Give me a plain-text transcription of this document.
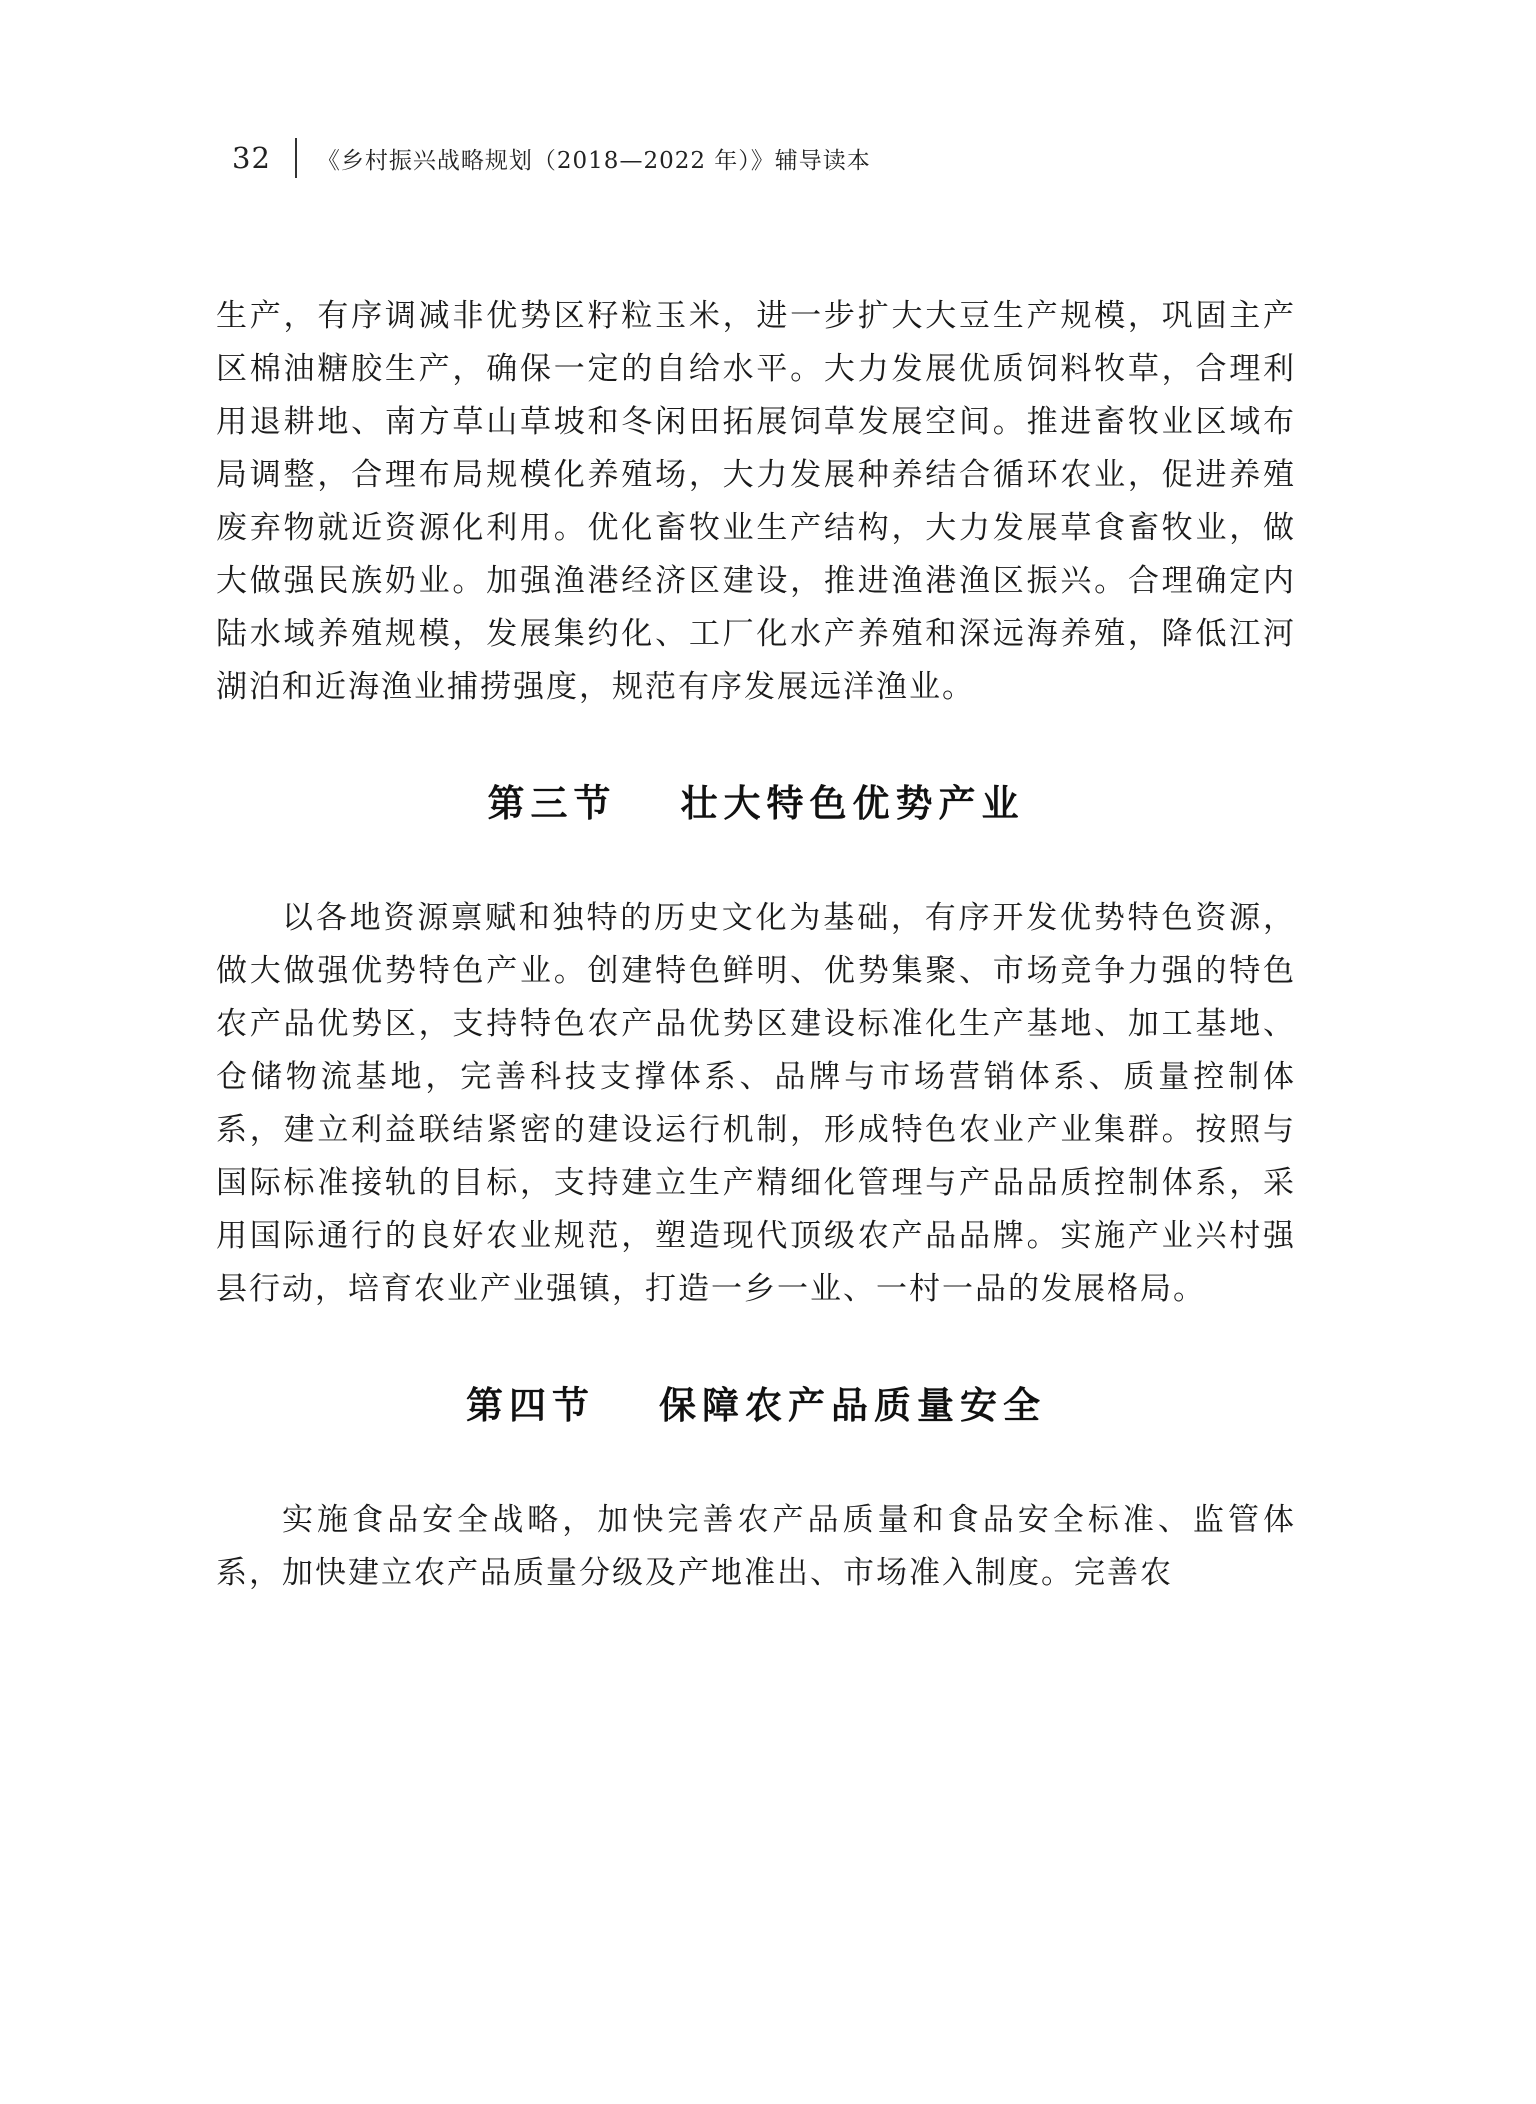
32 《乡村振兴战略规划（2018—2022 年）》辅导读本

生产，有序调减非优势区籽粒玉米，进一步扩大大豆生产规模，巩固主产区棉油糖胶生产，确保一定的自给水平。大力发展优质饲料牧草，合理利用退耕地、南方草山草坡和冬闲田拓展饲草发展空间。推进畜牧业区域布局调整，合理布局规模化养殖场，大力发展种养结合循环农业，促进养殖废弃物就近资源化利用。优化畜牧业生产结构，大力发展草食畜牧业，做大做强民族奶业。加强渔港经济区建设，推进渔港渔区振兴。合理确定内陆水域养殖规模，发展集约化、工厂化水产养殖和深远海养殖，降低江河湖泊和近海渔业捕捞强度，规范有序发展远洋渔业。

第三节 壮大特色优势产业

以各地资源禀赋和独特的历史文化为基础，有序开发优势特色资源，做大做强优势特色产业。创建特色鲜明、优势集聚、市场竞争力强的特色农产品优势区，支持特色农产品优势区建设标准化生产基地、加工基地、仓储物流基地，完善科技支撑体系、品牌与市场营销体系、质量控制体系，建立利益联结紧密的建设运行机制，形成特色农业产业集群。按照与国际标准接轨的目标，支持建立生产精细化管理与产品品质控制体系，采用国际通行的良好农业规范，塑造现代顶级农产品品牌。实施产业兴村强县行动，培育农业产业强镇，打造一乡一业、一村一品的发展格局。

第四节 保障农产品质量安全

实施食品安全战略，加快完善农产品质量和食品安全标准、监管体系，加快建立农产品质量分级及产地准出、市场准入制度。完善农
